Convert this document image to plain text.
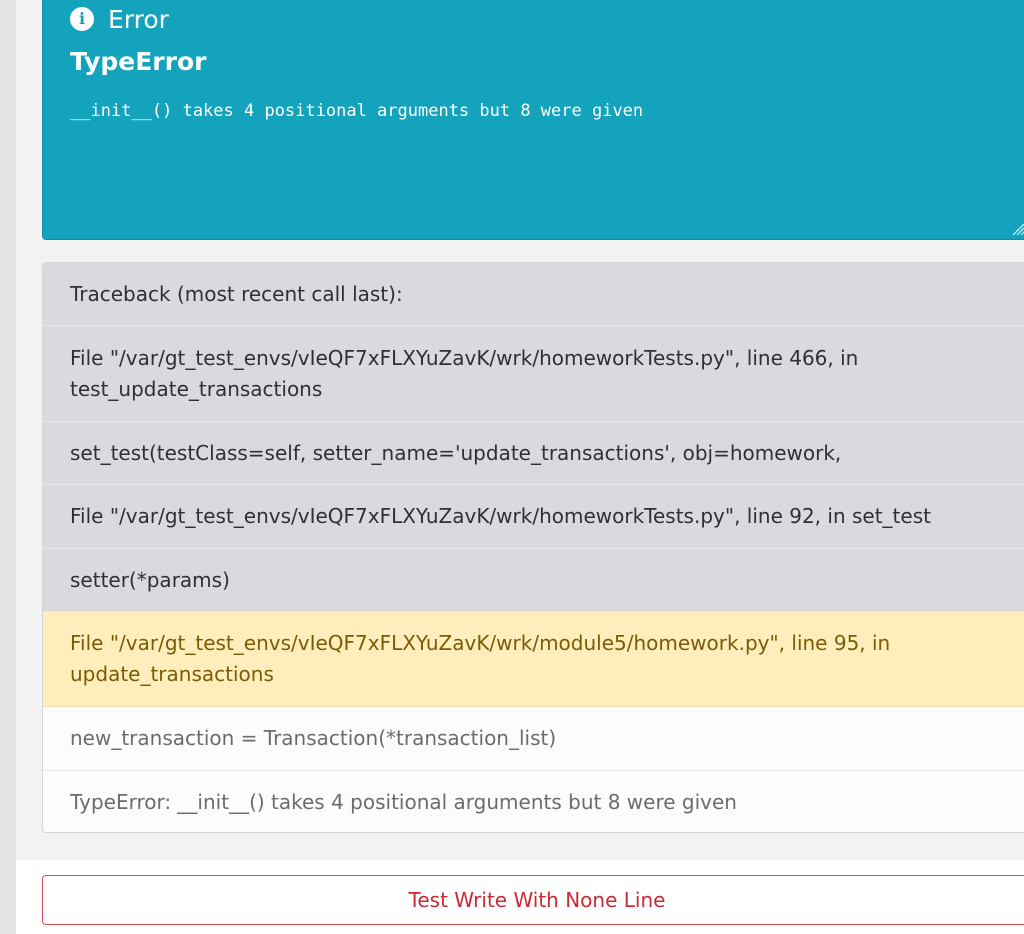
i Error
TypeError
__init__() takes 4 positional arguments but 8 were given
Traceback (most recent call last):
File "/var/gt_test_envs/vIeQF7xFLXYuZavK/wrk/homeworkTests.py", line 466, in test_update_transactions
set_test(testClass=self, setter_name='update_transactions', obj=homework,
File "/var/gt_test_envs/vIeQF7xFLXYuZavK/wrk/homeworkTests.py", line 92, in set_test
setter(*params)
File "/var/gt_test_envs/vIeQF7xFLXYuZavK/wrk/module5/homework.py", line 95, in update_transactions
new_transaction = Transaction(*transaction_list)
TypeError: __init__() takes 4 positional arguments but 8 were given
Test Write With None Line
